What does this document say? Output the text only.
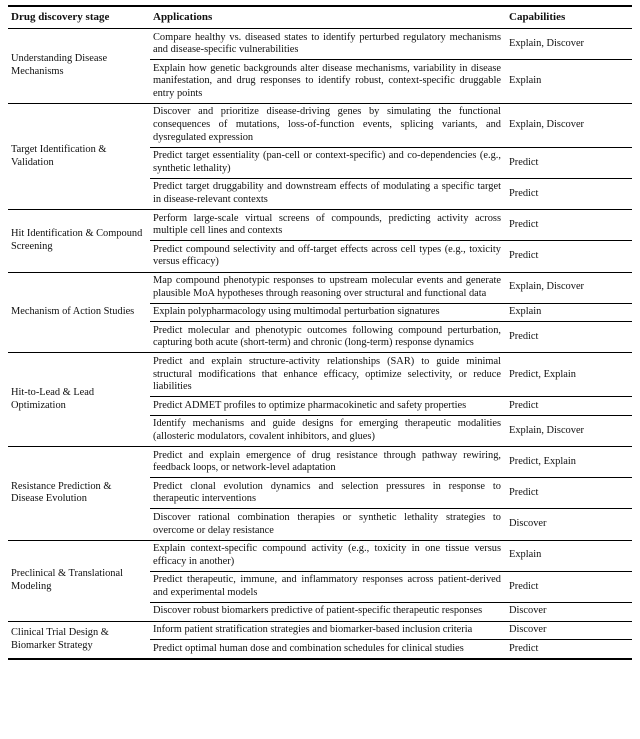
Drug discovery stage	Applications	Capabilities
Understanding Disease Mechanisms	Compare healthy vs. diseased states to identify perturbed regulatory mechanisms and disease-specific vulnerabilities	Explain, Discover
	Explain how genetic backgrounds alter disease mechanisms, variability in disease manifestation, and drug responses to identify robust, context-specific druggable entry points	Explain
Target Identification & Validation	Discover and prioritize disease-driving genes by simulating the functional consequences of mutations, loss-of-function events, splicing variants, and dysregulated expression	Explain, Discover
	Predict target essentiality (pan-cell or context-specific) and co-dependencies (e.g., synthetic lethality)	Predict
	Predict target druggability and downstream effects of modulating a specific target in disease-relevant contexts	Predict
Hit Identification & Compound Screening	Perform large-scale virtual screens of compounds, predicting activity across multiple cell lines and contexts	Predict
	Predict compound selectivity and off-target effects across cell types (e.g., toxicity versus efficacy)	Predict
Mechanism of Action Studies	Map compound phenotypic responses to upstream molecular events and generate plausible MoA hypotheses through reasoning over structural and functional data	Explain, Discover
	Explain polypharmacology using multimodal perturbation signatures	Explain
	Predict molecular and phenotypic outcomes following compound perturbation, capturing both acute (short-term) and chronic (long-term) response dynamics	Predict
Hit-to-Lead & Lead Optimization	Predict and explain structure-activity relationships (SAR) to guide minimal structural modifications that enhance efficacy, optimize selectivity, or reduce liabilities	Predict, Explain
	Predict ADMET profiles to optimize pharmacokinetic and safety properties	Predict
	Identify mechanisms and guide designs for emerging therapeutic modalities (allosteric modulators, covalent inhibitors, and glues)	Explain, Discover
Resistance Prediction & Disease Evolution	Predict and explain emergence of drug resistance through pathway rewiring, feedback loops, or network-level adaptation	Predict, Explain
	Predict clonal evolution dynamics and selection pressures in response to therapeutic interventions	Predict
	Discover rational combination therapies or synthetic lethality strategies to overcome or delay resistance	Discover
Preclinical & Translational Modeling	Explain context-specific compound activity (e.g., toxicity in one tissue versus efficacy in another)	Explain
	Predict therapeutic, immune, and inflammatory responses across patient-derived and experimental models	Predict
	Discover robust biomarkers predictive of patient-specific therapeutic responses	Discover
Clinical Trial Design & Biomarker Strategy	Inform patient stratification strategies and biomarker-based inclusion criteria	Discover
	Predict optimal human dose and combination schedules for clinical studies	Predict
